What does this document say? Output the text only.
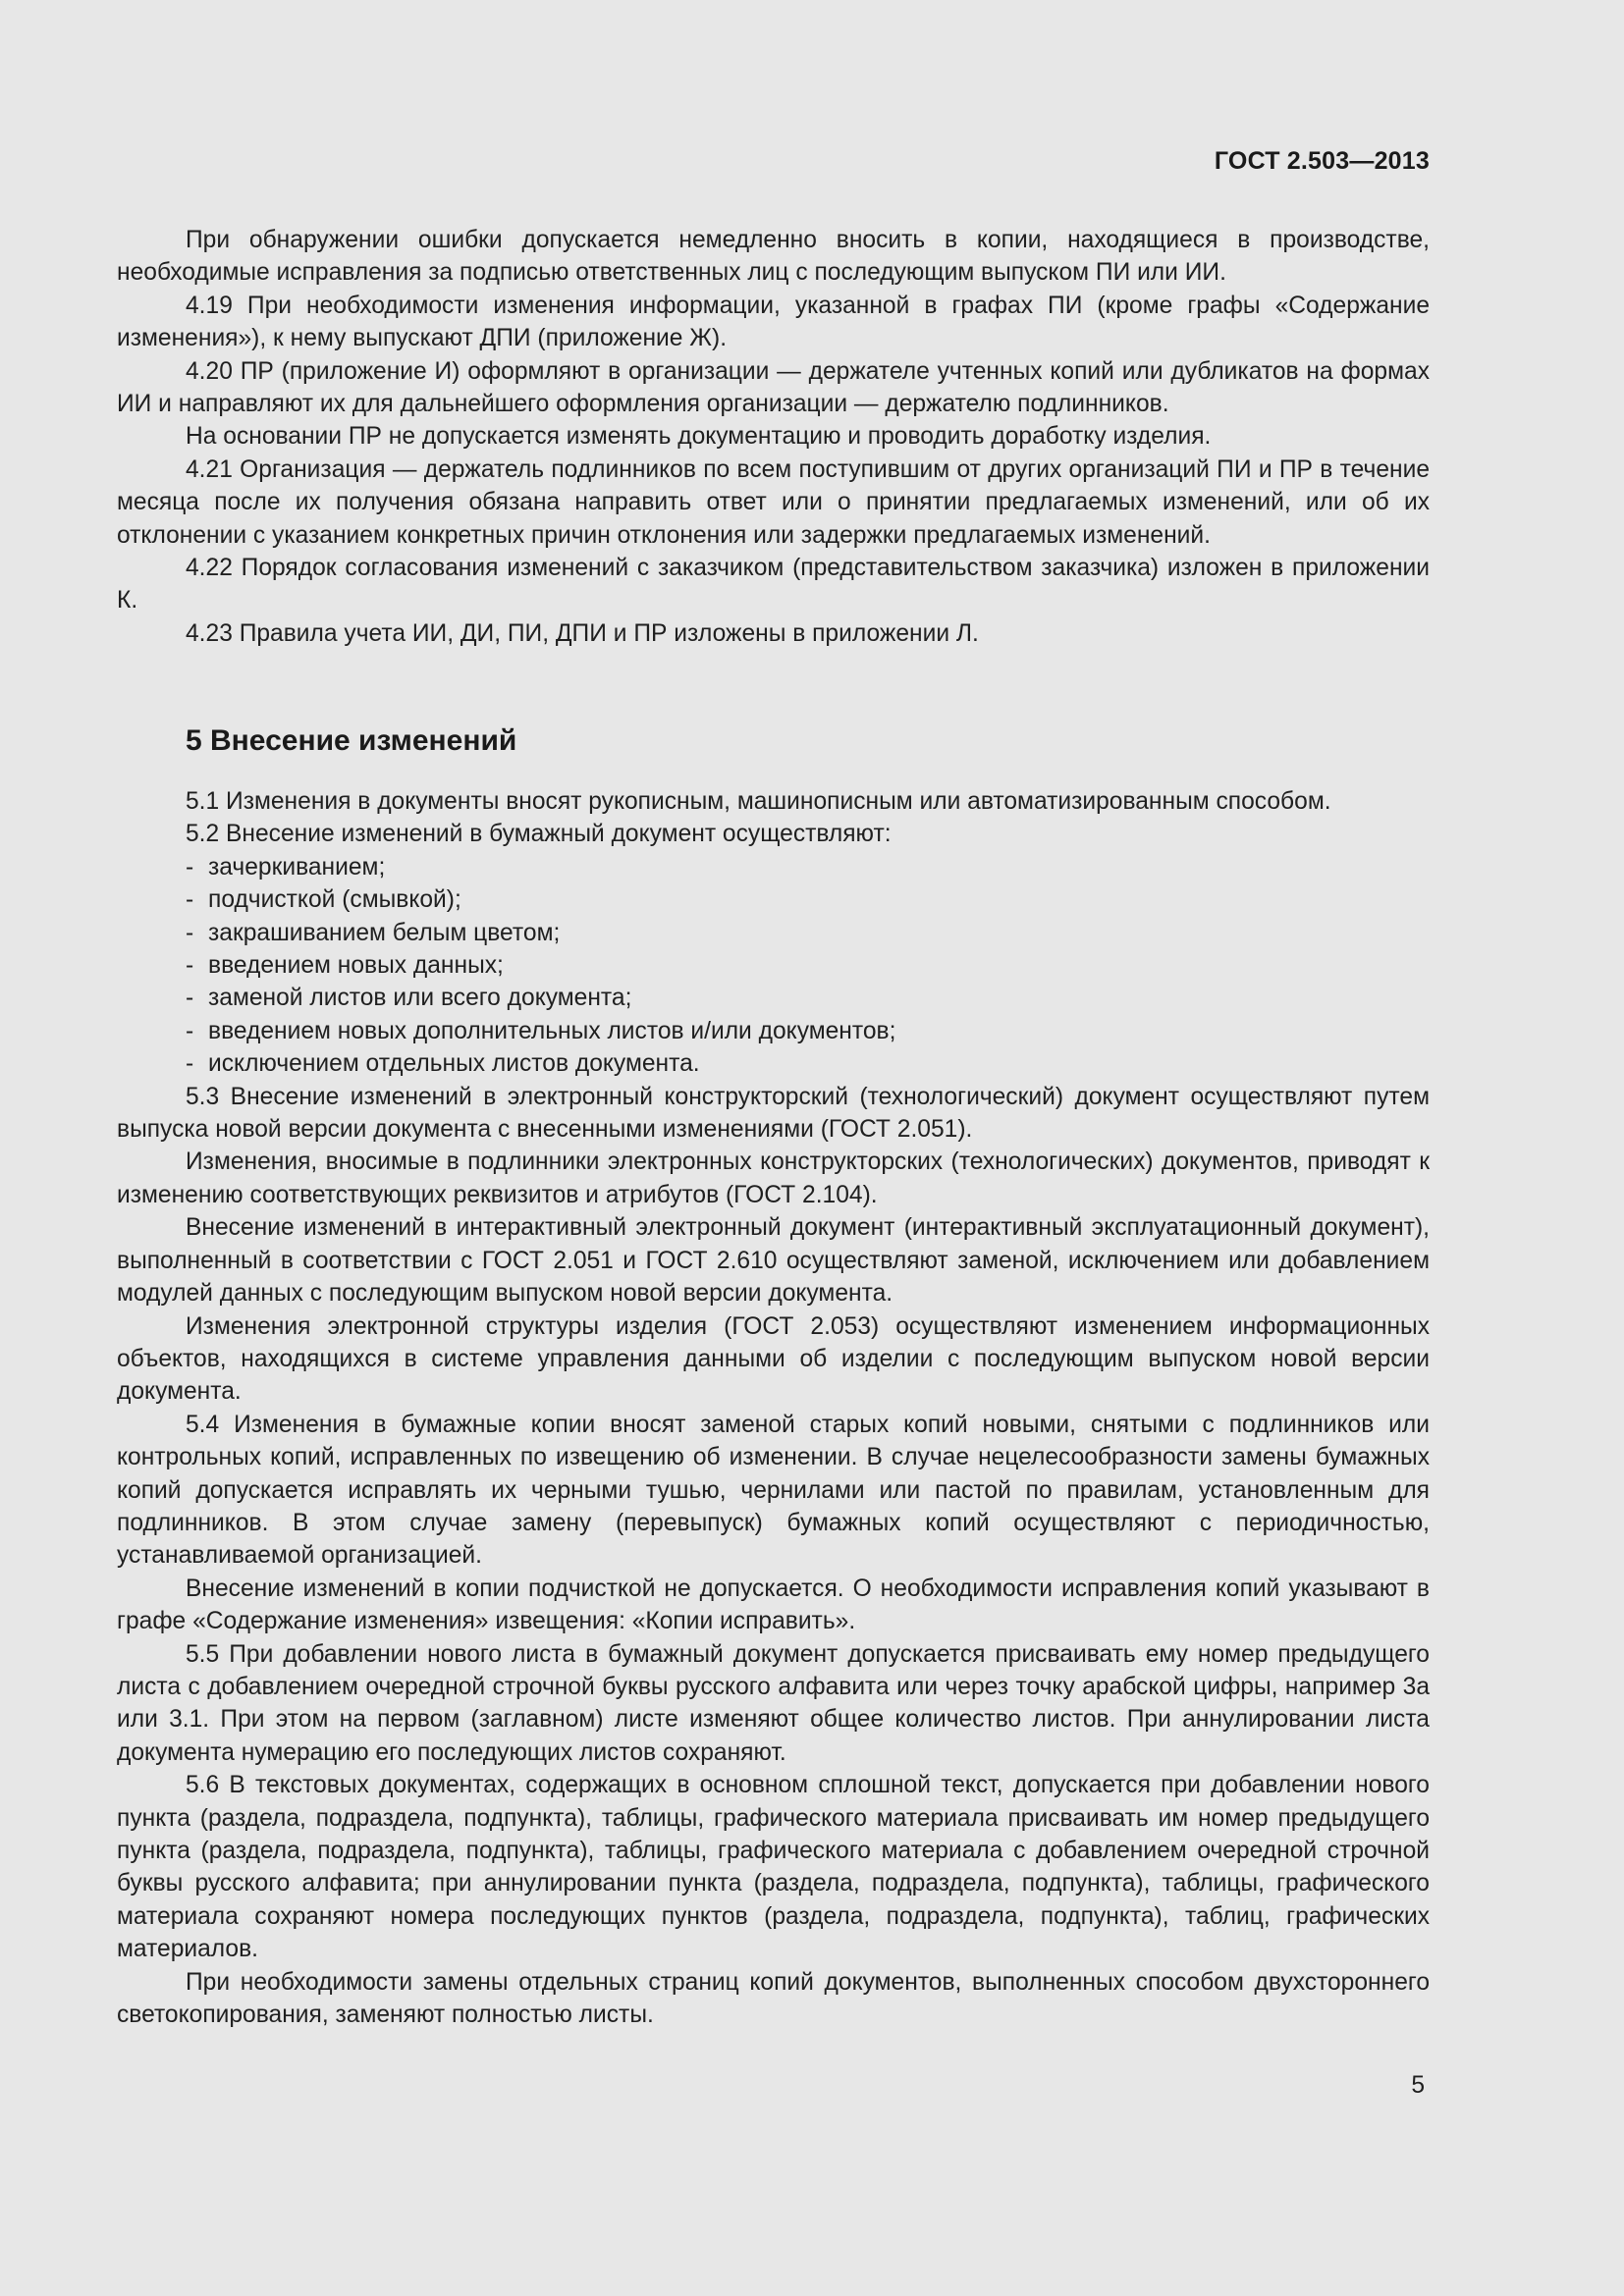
ГОСТ 2.503—2013

При обнаружении ошибки допускается немедленно вносить в копии, находящиеся в производстве, необходимые исправления за подписью ответственных лиц с последующим выпуском ПИ или ИИ.

4.19 При необходимости изменения информации, указанной в графах ПИ (кроме графы «Содержание изменения»), к нему выпускают ДПИ (приложение Ж).

4.20 ПР (приложение И) оформляют в организации — держателе учтенных копий или дубликатов на формах ИИ и направляют их для дальнейшего оформления организации — держателю подлинников.

На основании ПР не допускается изменять документацию и проводить доработку изделия.

4.21 Организация — держатель подлинников по всем поступившим от других организаций ПИ и ПР в течение месяца после их получения обязана направить ответ или о принятии предлагаемых изменений, или об их отклонении с указанием конкретных причин отклонения или задержки предлагаемых изменений.

4.22 Порядок согласования изменений с заказчиком (представительством заказчика) изложен в приложении К.

4.23 Правила учета ИИ, ДИ, ПИ, ДПИ и ПР изложены в приложении Л.

5 Внесение изменений

5.1 Изменения в документы вносят рукописным, машинописным или автоматизированным способом.

5.2 Внесение изменений в бумажный документ осуществляют:

- зачеркиванием;
- подчисткой (смывкой);
- закрашиванием белым цветом;
- введением новых данных;
- заменой листов или всего документа;
- введением новых дополнительных листов и/или документов;
- исключением отдельных листов документа.

5.3 Внесение изменений в электронный конструкторский (технологический) документ осуществляют путем выпуска новой версии документа с внесенными изменениями (ГОСТ 2.051).

Изменения, вносимые в подлинники электронных конструкторских (технологических) документов, приводят к изменению соответствующих реквизитов и атрибутов (ГОСТ 2.104).

Внесение изменений в интерактивный электронный документ (интерактивный эксплуатационный документ), выполненный в соответствии с ГОСТ 2.051 и ГОСТ 2.610 осуществляют заменой, исключением или добавлением модулей данных с последующим выпуском новой версии документа.

Изменения электронной структуры изделия (ГОСТ 2.053) осуществляют изменением информационных объектов, находящихся в системе управления данными об изделии с последующим выпуском новой версии документа.

5.4 Изменения в бумажные копии вносят заменой старых копий новыми, снятыми с подлинников или контрольных копий, исправленных по извещению об изменении. В случае нецелесообразности замены бумажных копий допускается исправлять их черными тушью, чернилами или пастой по правилам, установленным для подлинников. В этом случае замену (перевыпуск) бумажных копий осуществляют с периодичностью, устанавливаемой организацией.

Внесение изменений в копии подчисткой не допускается. О необходимости исправления копий указывают в графе «Содержание изменения» извещения: «Копии исправить».

5.5 При добавлении нового листа в бумажный документ допускается присваивать ему номер предыдущего листа с добавлением очередной строчной буквы русского алфавита или через точку арабской цифры, например 3а или 3.1. При этом на первом (заглавном) листе изменяют общее количество листов. При аннулировании листа документа нумерацию его последующих листов сохраняют.

5.6 В текстовых документах, содержащих в основном сплошной текст, допускается при добавлении нового пункта (раздела, подраздела, подпункта), таблицы, графического материала присваивать им номер предыдущего пункта (раздела, подраздела, подпункта), таблицы, графического материала с добавлением очередной строчной буквы русского алфавита; при аннулировании пункта (раздела, подраздела, подпункта), таблицы, графического материала сохраняют номера последующих пунктов (раздела, подраздела, подпункта), таблиц, графических материалов.

При необходимости замены отдельных страниц копий документов, выполненных способом двухстороннего светокопирования, заменяют полностью листы.

5
